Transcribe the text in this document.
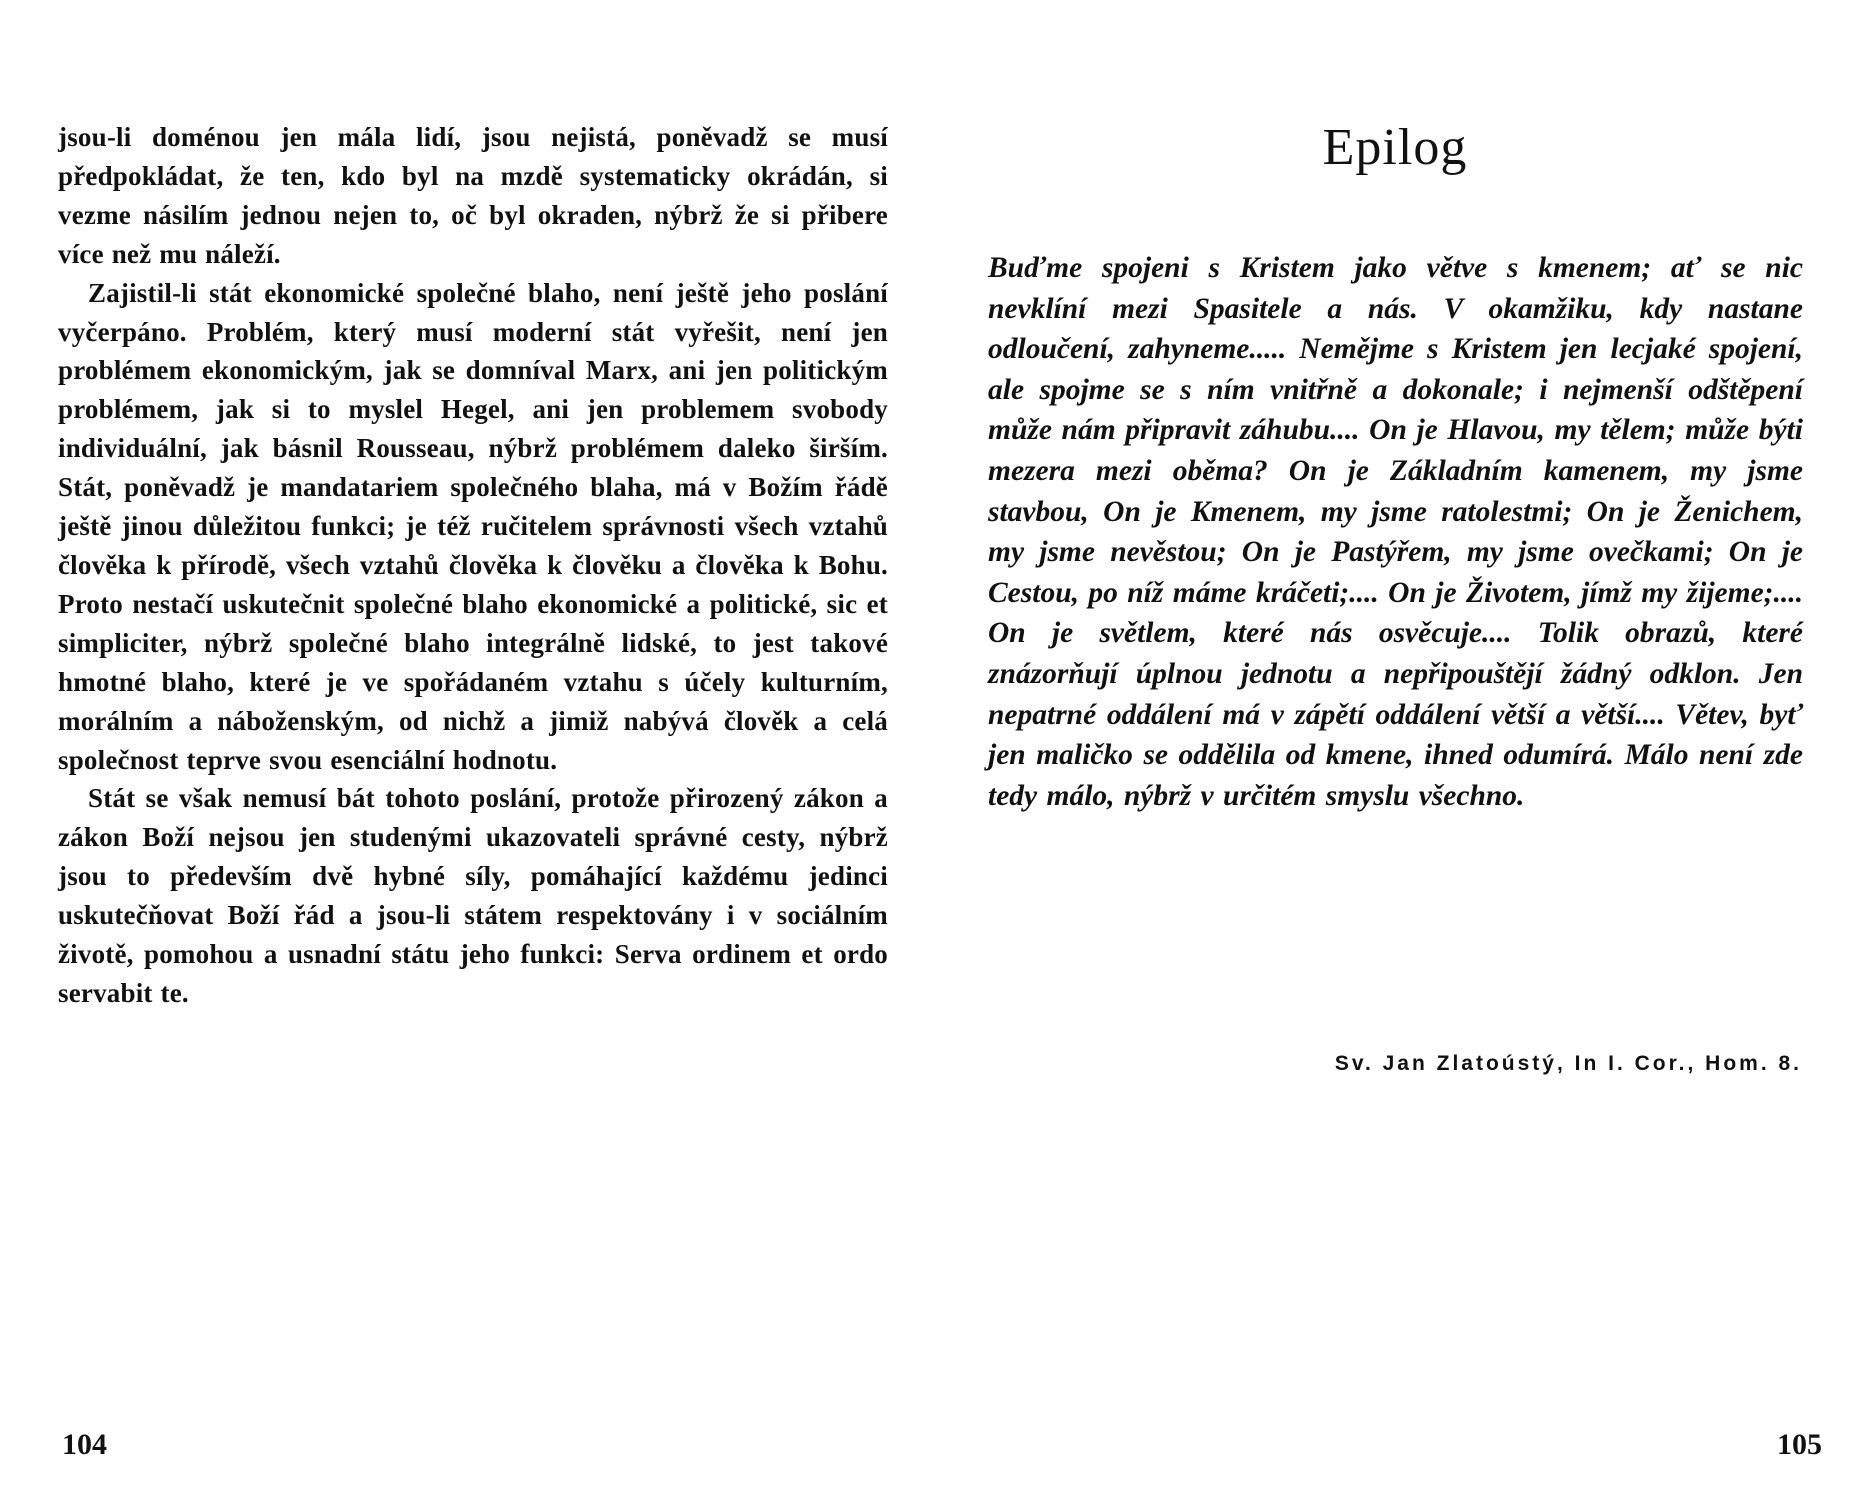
jsou-li doménou jen mála lidí, jsou nejistá, poněvadž se musí předpokládat, že ten, kdo byl na mzdě systematicky okrádán, si vezme násilím jednou nejen to, oč byl okraden, nýbrž že si přibere více než mu náleží.

Zajistil-li stát ekonomické společné blaho, není ještě jeho poslání vyčerpáno. Problém, který musí moderní stát vyřešit, není jen problémem ekonomickým, jak se domníval Marx, ani jen politickým problémem, jak si to myslel Hegel, ani jen problemem svobody individuální, jak básnil Rousseau, nýbrž problémem daleko širším. Stát, poněvadž je mandatariem společného blaha, má v Božím řádě ještě jinou důležitou funkci; je též ručitelem správnosti všech vztahů člověka k přírodě, všech vztahů člověka k člověku a člověka k Bohu. Proto nestačí uskutečnit společné blaho ekonomické a politické, sic et simpliciter, nýbrž společné blaho integrálně lidské, to jest takové hmotné blaho, které je ve spořádaném vztahu s účely kulturním, morálním a náboženským, od nichž a jimiž nabývá člověk a celá společnost teprve svou esenciální hodnotu.

Stát se však nemusí bát tohoto poslání, protože přirozený zákon a zákon Boží nejsou jen studenými ukazovateli správné cesty, nýbrž jsou to především dvě hybné síly, pomáhající každému jedinci uskutečňovat Boží řád a jsou-li státem respektovány i v sociálním životě, pomohou a usnadní státu jeho funkci: Serva ordinem et ordo servabit te.

104
Epilog

Buďme spojeni s Kristem jako větve s kmenem; ať se nic nevklíní mezi Spasitele a nás. V okamžiku, kdy nastane odloučení, zahyneme..... Nemějme s Kristem jen lecjaké spojení, ale spojme se s ním vnitřně a dokonale; i nejmenší odštěpení může nám připravit záhubu.... On je Hlavou, my tělem; může býti mezera mezi oběma? On je Základním kamenem, my jsme stavbou, On je Kmenem, my jsme ratolestmi; On je Ženichem, my jsme nevěstou; On je Pastýřem, my jsme ovečkami; On je Cestou, po níž máme kráčeti;.... On je Životem, jímž my žijeme;.... On je světlem, které nás osvěcuje.... Tolik obrazů, které znázorňují úplnou jednotu a nepřipouštějí žádný odklon. Jen nepatrné oddálení má v zápětí oddálení větší a větší.... Větev, byť jen maličko se oddělila od kmene, ihned odumírá. Málo není zde tedy málo, nýbrž v určitém smyslu všechno.

Sv. Jan Zlatoústý, In I. Cor., Hom. 8.

105
